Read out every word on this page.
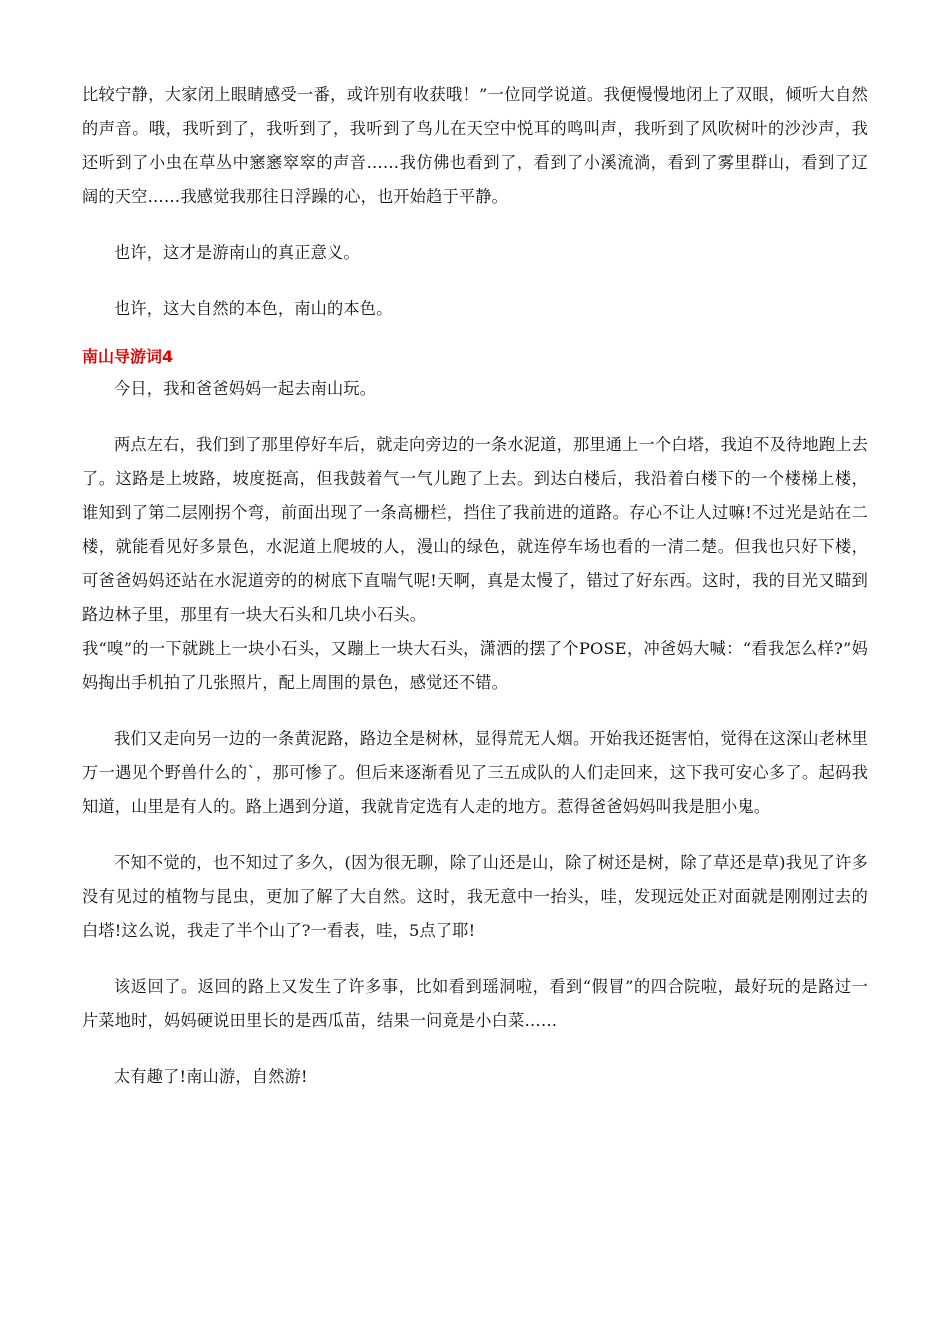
比较宁静，大家闭上眼睛感受一番，或许别有收获哦！”一位同学说道。我便慢慢地闭上了双眼，倾听大自然的声音。哦，我听到了，我听到了，我听到了鸟儿在天空中悦耳的鸣叫声，我听到了风吹树叶的沙沙声，我还听到了小虫在草丛中窸窸窣窣的声音……我仿佛也看到了，看到了小溪流淌，看到了雾里群山，看到了辽阔的天空……我感觉我那往日浮躁的心，也开始趋于平静。

也许，这才是游南山的真正意义。

也许，这大自然的本色，南山的本色。

南山导游词4

今日，我和爸爸妈妈一起去南山玩。

两点左右，我们到了那里停好车后，就走向旁边的一条水泥道，那里通上一个白塔，我迫不及待地跑上去了。这路是上坡路，坡度挺高，但我鼓着气一气儿跑了上去。到达白楼后，我沿着白楼下的一个楼梯上楼，谁知到了第二层刚拐个弯，前面出现了一条高栅栏，挡住了我前进的道路。存心不让人过嘛!不过光是站在二楼，就能看见好多景色，水泥道上爬坡的人，漫山的绿色，就连停车场也看的一清二楚。但我也只好下楼，可爸爸妈妈还站在水泥道旁的的树底下直喘气呢!天啊，真是太慢了，错过了好东西。这时，我的目光又瞄到路边林子里，那里有一块大石头和几块小石头。

我“嗅”的一下就跳上一块小石头，又蹦上一块大石头，潇洒的摆了个POSE，冲爸妈大喊：“看我怎么样?”妈妈掏出手机拍了几张照片，配上周围的景色，感觉还不错。

我们又走向另一边的一条黄泥路，路边全是树林，显得荒无人烟。开始我还挺害怕，觉得在这深山老林里万一遇见个野兽什么的`，那可惨了。但后来逐渐看见了三五成队的人们走回来，这下我可安心多了。起码我知道，山里是有人的。路上遇到分道，我就肯定选有人走的地方。惹得爸爸妈妈叫我是胆小鬼。

不知不觉的，也不知过了多久，(因为很无聊，除了山还是山，除了树还是树，除了草还是草)我见了许多没有见过的植物与昆虫，更加了解了大自然。这时，我无意中一抬头，哇，发现远处正对面就是刚刚过去的白塔!这么说，我走了半个山了?一看表，哇，5点了耶!

该返回了。返回的路上又发生了许多事，比如看到瑶洞啦，看到“假冒”的四合院啦，最好玩的是路过一片菜地时，妈妈硬说田里长的是西瓜苗，结果一问竟是小白菜……

太有趣了!南山游，自然游!
